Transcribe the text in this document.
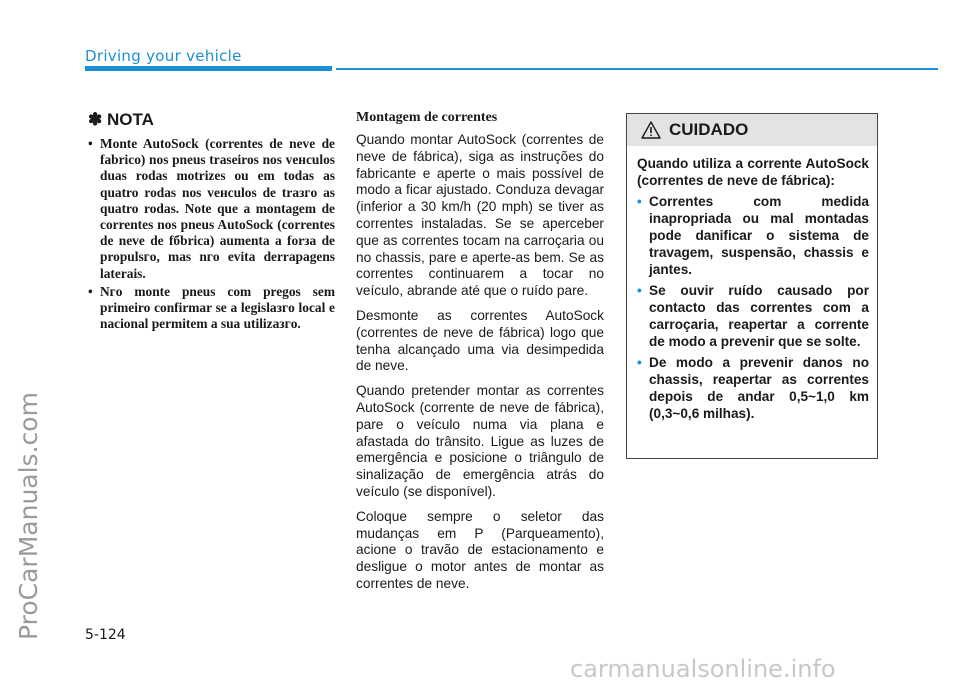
Driving your vehicle
ProCarManuals.com
✽ NOTA
• Monte AutoSock (correntes de neve de fabrico) nos pneus traseiros nos veнculos duas rodas motrizes ou em todas as quatro rodas nos veнculos de traзгo as quatro rodas. Note que a montagem de correntes nos pneus AutoSock (correntes de neve de fбbrica) aumenta a forзa de propulsгo, mas nгo evita derrapagens laterais.
• Nгo monte pneus com pregos sem primeiro confirmar se a legislaзгo local e nacional permitem a sua utilizaзгo.
Montagem de correntes

Quando montar AutoSock (correntes de neve de fábrica), siga as instruções do fabricante e aperte o mais possível de modo a ficar ajustado. Conduza devagar (inferior a 30 km/h (20 mph) se tiver as correntes instaladas. Se se aperceber que as correntes tocam na carroçaria ou no chassis, pare e aperte-as bem. Se as correntes continuarem a tocar no veículo, abrande até que o ruído pare.

Desmonte as correntes AutoSock (correntes de neve de fábrica) logo que tenha alcançado uma via desimpedida de neve.

Quando pretender montar as correntes AutoSock (corrente de neve de fábrica), pare o veículo numa via plana e afastada do trânsito. Ligue as luzes de emergência e posicione o triângulo de sinalização de emergência atrás do veículo (se disponível).

Coloque sempre o seletor das mudanças em P (Parqueamento), acione o travão de estacionamento e desligue o motor antes de montar as correntes de neve.

CUIDADO

Quando utiliza a corrente AutoSock (correntes de neve de fábrica):

• Correntes com medida inapropriada ou mal montadas pode danificar o sistema de travagem, suspensão, chassis e jantes.
• Se ouvir ruído causado por contacto das correntes com a carroçaria, reapertar a corrente de modo a prevenir que se solte.
• De modo a prevenir danos no chassis, reapertar as correntes depois de andar 0,5~1,0 km (0,3~0,6 milhas).
5-124
carmanualsonline.info
